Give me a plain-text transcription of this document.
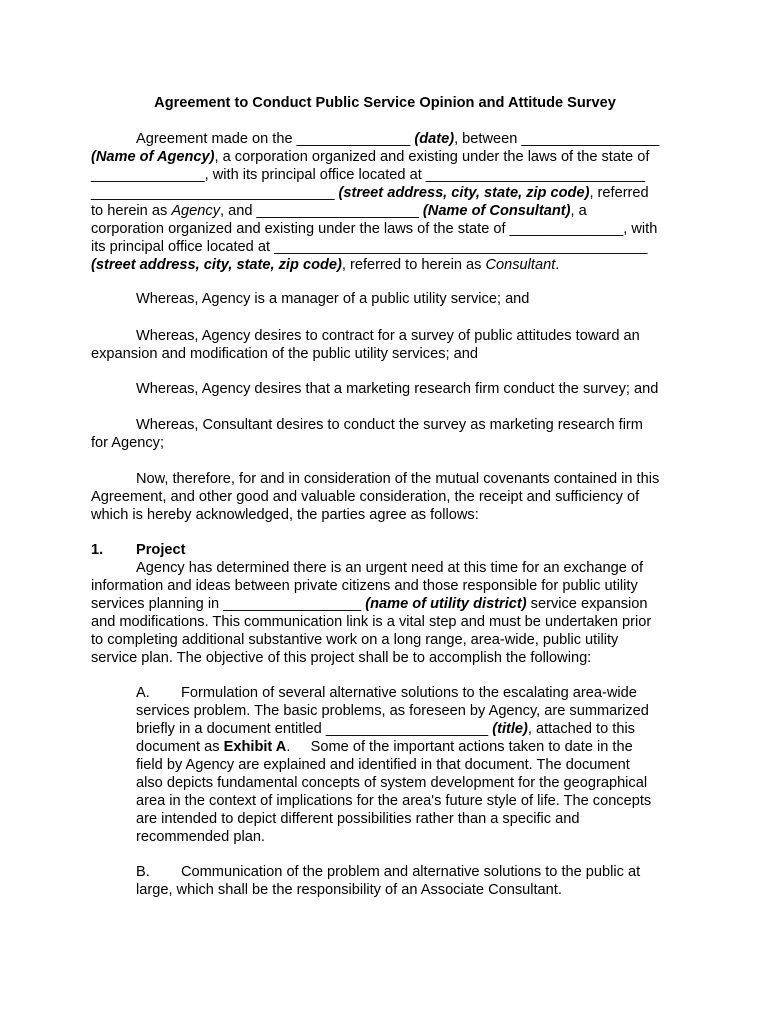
Agreement to Conduct Public Service Opinion and Attitude Survey
Agreement made on the ______________ (date), between _________________
(Name of Agency), a corporation organized and existing under the laws of the state of
______________, with its principal office located at ___________________________
______________________________ (street address, city, state, zip code), referred
to herein as Agency, and ____________________ (Name of Consultant), a
corporation organized and existing under the laws of the state of ______________, with
its principal office located at ______________________________________________
(street address, city, state, zip code), referred to herein as Consultant.
Whereas, Agency is a manager of a public utility service; and
Whereas, Agency desires to contract for a survey of public attitudes toward an
expansion and modification of the public utility services; and
Whereas, Agency desires that a marketing research firm conduct the survey; and
Whereas, Consultant desires to conduct the survey as marketing research firm
for Agency;
Now, therefore, for and in consideration of the mutual covenants contained in this
Agreement, and other good and valuable consideration, the receipt and sufficiency of
which is hereby acknowledged, the parties agree as follows:
1. Project
Agency has determined there is an urgent need at this time for an exchange of
information and ideas between private citizens and those responsible for public utility
services planning in _________________ (name of utility district) service expansion
and modifications. This communication link is a vital step and must be undertaken prior
to completing additional substantive work on a long range, area-wide, public utility
service plan. The objective of this project shall be to accomplish the following:
A. Formulation of several alternative solutions to the escalating area-wide
services problem. The basic problems, as foreseen by Agency, are summarized
briefly in a document entitled ____________________ (title), attached to this
document as Exhibit A.     Some of the important actions taken to date in the
field by Agency are explained and identified in that document. The document
also depicts fundamental concepts of system development for the geographical
area in the context of implications for the area's future style of life. The concepts
are intended to depict different possibilities rather than a specific and
recommended plan.
B. Communication of the problem and alternative solutions to the public at
large, which shall be the responsibility of an Associate Consultant.
